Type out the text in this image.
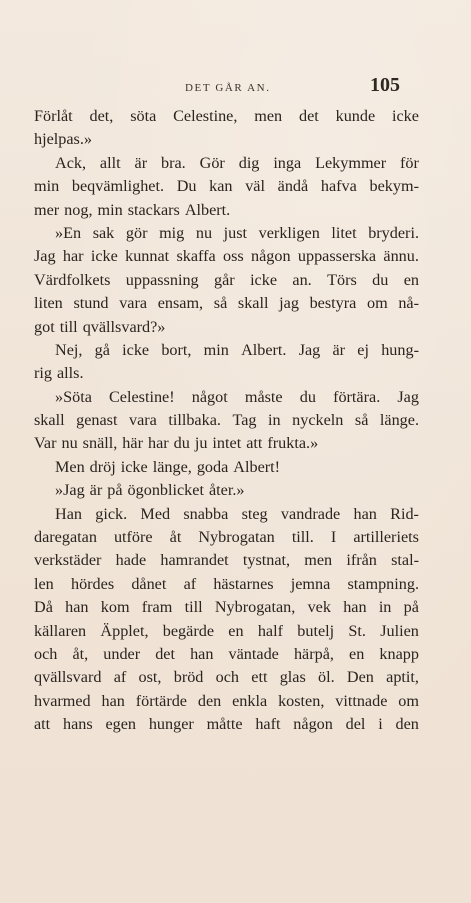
DET GÅR AN.	105
Förlåt det, söta Celestine, men det kunde icke
hjelpas.»
Ack, allt är bra. Gör dig inga Lekymmer för
min beqvämlighet. Du kan väl ändå hafva bekym-
mer nog, min stackars Albert.
»En sak gör mig nu just verkligen litet bryderi.
Jag har icke kunnat skaffa oss någon uppasserska ännu.
Värdfolkets uppassning går icke an. Törs du en
liten stund vara ensam, så skall jag bestyra om nå-
got till qvällsvard?»
Nej, gå icke bort, min Albert. Jag är ej hung-
rig alls.
»Söta Celestine! något måste du förtära. Jag
skall genast vara tillbaka. Tag in nyckeln så länge.
Var nu snäll, här har du ju intet att frukta.»
Men dröj icke länge, goda Albert!
»Jag är på ögonblicket åter.»
Han gick. Med snabba steg vandrade han Rid-
daregatan utföre åt Nybrogatan till. I artilleriets
verkstäder hade hamrandet tystnat, men ifrån stal-
len hördes dånet af hästarnes jemna stampning.
Då han kom fram till Nybrogatan, vek han in på
källaren Äpplet, begärde en half butelj St. Julien
och åt, under det han väntade härpå, en knapp
qvällsvard af ost, bröd och ett glas öl. Den aptit,
hvarmed han förtärde den enkla kosten, vittnade om
att hans egen hunger måtte haft någon del i den
